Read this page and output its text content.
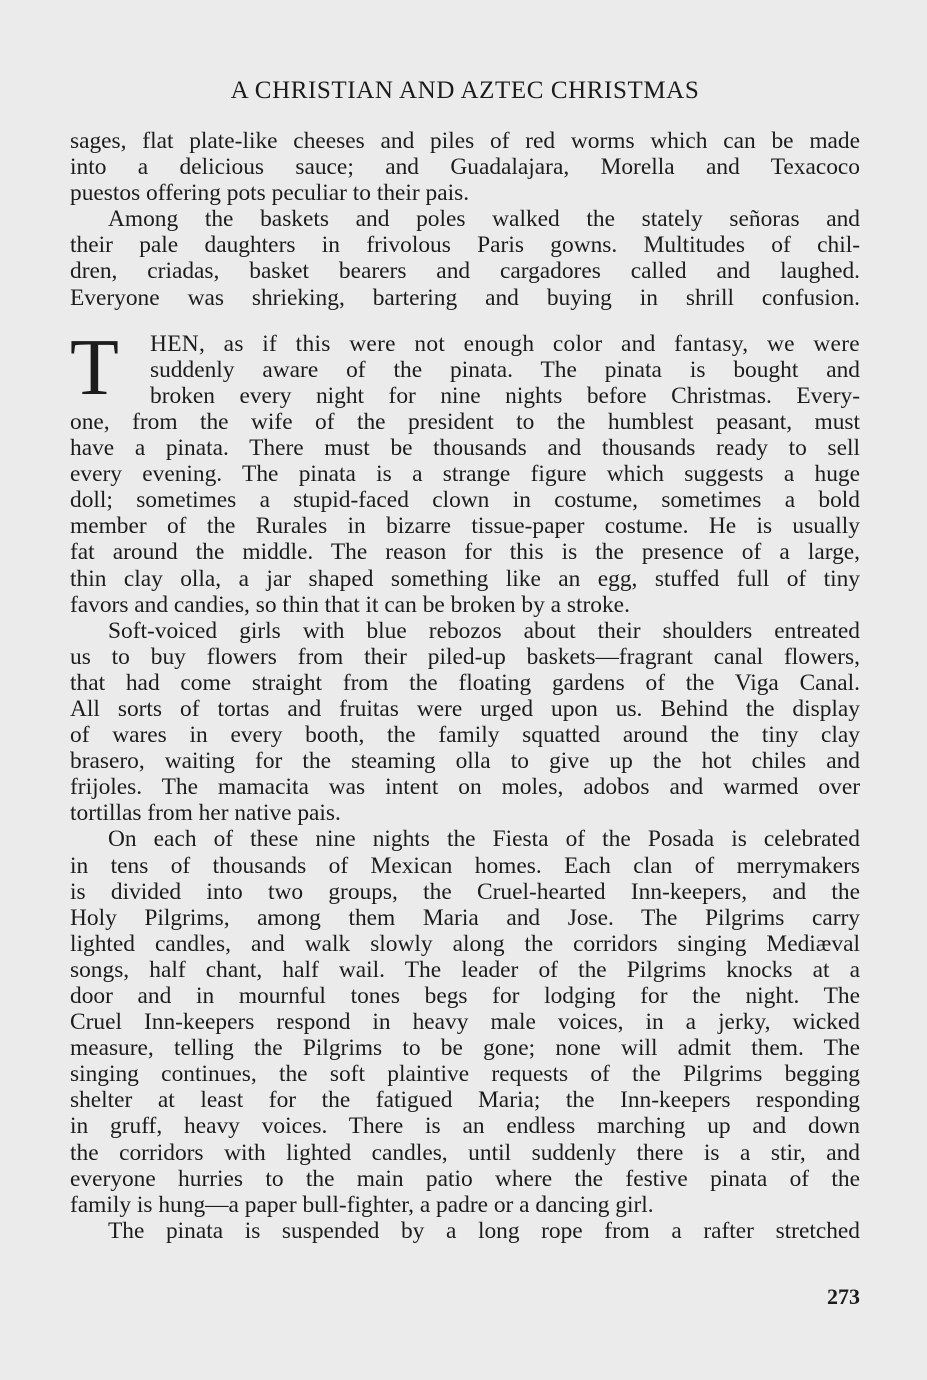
A CHRISTIAN AND AZTEC CHRISTMAS
sages, flat plate-like cheeses and piles of red worms which can be made
into a delicious sauce; and Guadalajara, Morella and Texacoco
puestos offering pots peculiar to their pais.
Among the baskets and poles walked the stately señoras and
their pale daughters in frivolous Paris gowns. Multitudes of chil-
dren, criadas, basket bearers and cargadores called and laughed.
Everyone was shrieking, bartering and buying in shrill confusion.
T	HEN, as if this were not enough color and fantasy, we were
suddenly aware of the pinata. The pinata is bought and
broken every night for nine nights before Christmas. Every-
one, from the wife of the president to the humblest peasant, must
have a pinata. There must be thousands and thousands ready to sell
every evening. The pinata is a strange figure which suggests a huge
doll; sometimes a stupid-faced clown in costume, sometimes a bold
member of the Rurales in bizarre tissue-paper costume. He is usually
fat around the middle. The reason for this is the presence of a large,
thin clay olla, a jar shaped something like an egg, stuffed full of tiny
favors and candies, so thin that it can be broken by a stroke.
Soft-voiced girls with blue rebozos about their shoulders entreated
us to buy flowers from their piled-up baskets—fragrant canal flowers,
that had come straight from the floating gardens of the Viga Canal.
All sorts of tortas and fruitas were urged upon us. Behind the display
of wares in every booth, the family squatted around the tiny clay
brasero, waiting for the steaming olla to give up the hot chiles and
frijoles. The mamacita was intent on moles, adobos and warmed over
tortillas from her native pais.
On each of these nine nights the Fiesta of the Posada is celebrated
in tens of thousands of Mexican homes. Each clan of merrymakers
is divided into two groups, the Cruel-hearted Inn-keepers, and the
Holy Pilgrims, among them Maria and Jose. The Pilgrims carry
lighted candles, and walk slowly along the corridors singing Mediæval
songs, half chant, half wail. The leader of the Pilgrims knocks at a
door and in mournful tones begs for lodging for the night. The
Cruel Inn-keepers respond in heavy male voices, in a jerky, wicked
measure, telling the Pilgrims to be gone; none will admit them. The
singing continues, the soft plaintive requests of the Pilgrims begging
shelter at least for the fatigued Maria; the Inn-keepers responding
in gruff, heavy voices. There is an endless marching up and down
the corridors with lighted candles, until suddenly there is a stir, and
everyone hurries to the main patio where the festive pinata of the
family is hung—a paper bull-fighter, a padre or a dancing girl.
The pinata is suspended by a long rope from a rafter stretched
273
